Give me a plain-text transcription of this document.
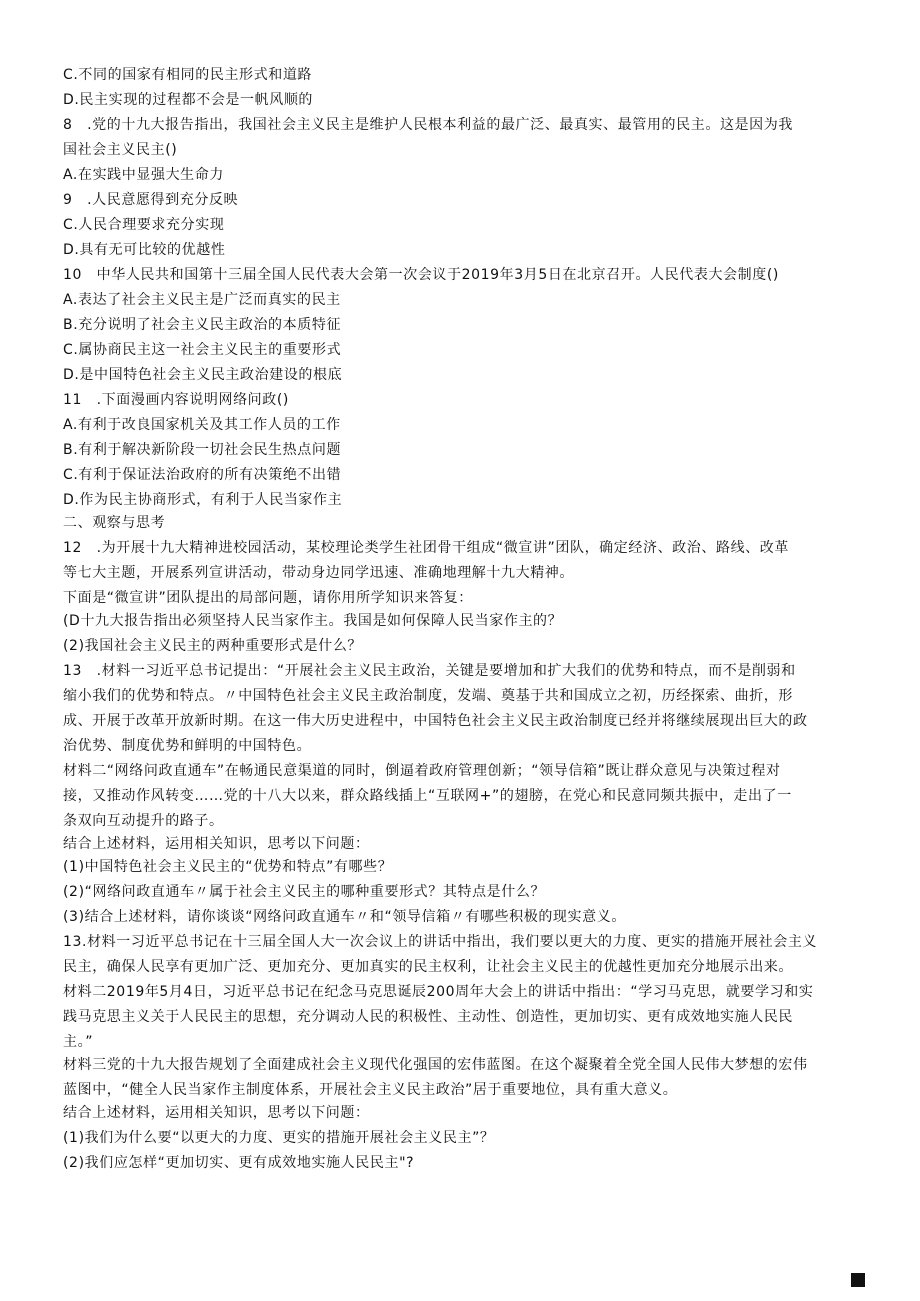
C.不同的国家有相同的民主形式和道路
D.民主实现的过程都不会是一帆风顺的
8　.党的十九大报告指出，我国社会主义民主是维护人民根本利益的最广泛、最真实、最管用的民主。这是因为我
国社会主义民主()
A.在实践中显强大生命力
9　.人民意愿得到充分反映
C.人民合理要求充分实现
D.具有无可比较的优越性
10　中华人民共和国第十三届全国人民代表大会第一次会议于2019年3月5日在北京召开。人民代表大会制度()
A.表达了社会主义民主是广泛而真实的民主
B.充分说明了社会主义民主政治的本质特征
C.属协商民主这一社会主义民主的重要形式
D.是中国特色社会主义民主政治建设的根底
11　.下面漫画内容说明网络问政()
A.有利于改良国家机关及其工作人员的工作
B.有利于解决新阶段一切社会民生热点问题
C.有利于保证法治政府的所有决策绝不出错
D.作为民主协商形式，有利于人民当家作主
二、观察与思考
12　.为开展十九大精神进校园活动，某校理论类学生社团骨干组成“微宣讲”团队，确定经济、政治、路线、改革
等七大主题，开展系列宣讲活动，带动身边同学迅速、准确地理解十九大精神。
下面是“微宣讲”团队提出的局部问题，请你用所学知识来答复：
(D十九大报告指出必须坚持人民当家作主。我国是如何保障人民当家作主的？
(2)我国社会主义民主的两种重要形式是什么？
13　.材料一习近平总书记提出：“开展社会主义民主政治，关键是要增加和扩大我们的优势和特点，而不是削弱和
缩小我们的优势和特点。〃中国特色社会主义民主政治制度，发端、奠基于共和国成立之初，历经探索、曲折，形
成、开展于改革开放新时期。在这一伟大历史进程中，中国特色社会主义民主政治制度已经并将继续展现出巨大的政
治优势、制度优势和鲜明的中国特色。
材料二“网络问政直通车”在畅通民意渠道的同时，倒逼着政府管理创新；“领导信箱”既让群众意见与决策过程对
接，又推动作风转变……党的十八大以来，群众路线插上“互联网+”的翅膀，在党心和民意同频共振中，走出了一
条双向互动提升的路子。
结合上述材料，运用相关知识，思考以下问题：
(1)中国特色社会主义民主的“优势和特点”有哪些？
(2)“网络问政直通车〃属于社会主义民主的哪种重要形式？其特点是什么？
(3)结合上述材料，请你谈谈“网络问政直通车〃和“领导信箱〃有哪些积极的现实意义。
13.材料一习近平总书记在十三届全国人大一次会议上的讲话中指出，我们要以更大的力度、更实的措施开展社会主义
民主，确保人民享有更加广泛、更加充分、更加真实的民主权利，让社会主义民主的优越性更加充分地展示出来。
材料二2019年5月4日，习近平总书记在纪念马克思诞辰200周年大会上的讲话中指出：“学习马克思，就要学习和实
践马克思主义关于人民民主的思想，充分调动人民的积极性、主动性、创造性，更加切实、更有成效地实施人民民
主。”
材料三党的十九大报告规划了全面建成社会主义现代化强国的宏伟蓝图。在这个凝聚着全党全国人民伟大梦想的宏伟
蓝图中，“健全人民当家作主制度体系，开展社会主义民主政治”居于重要地位，具有重大意义。
结合上述材料，运用相关知识，思考以下问题：
(1)我们为什么要“以更大的力度、更实的措施开展社会主义民主”？
(2)我们应怎样“更加切实、更有成效地实施人民民主"?
